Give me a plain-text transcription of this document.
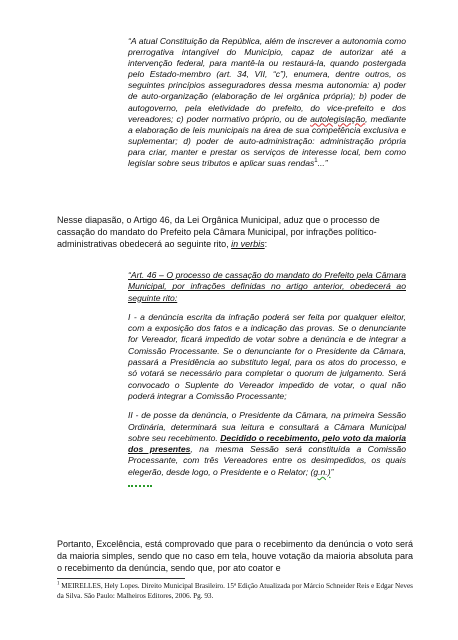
“A atual Constituição da República, além de inscrever a autonomia como prerrogativa intangível do Município, capaz de autorizar até a intervenção federal, para mantê-la ou restaurá-la, quando postergada pelo Estado-membro (art. 34, VII, “c”), enumera, dentre outros, os seguintes princípios asseguradores dessa mesma autonomia: a) poder de auto-organização (elaboração de lei orgânica própria); b) poder de autogoverno, pela eletividade do prefeito, do vice-prefeito e dos vereadores; c) poder normativo próprio, ou de autolegislação, mediante a elaboração de leis municipais na área de sua competência exclusiva e suplementar; d) poder de auto-administração: administração própria para criar, manter e prestar os serviços de interesse local, bem como legislar sobre seus tributos e aplicar suas rendas$^1$...”
Nesse diapasão, o Artigo 46, da Lei Orgânica Municipal, aduz que o processo de cassação do mandato do Prefeito pela Câmara Municipal, por infrações político-administrativas obedecerá ao seguinte rito, in verbis:

“Art. 46 – O processo de cassação do mandato do Prefeito pela Câmara Municipal, por infrações definidas no artigo anterior, obedecerá ao seguinte rito:

I - a denúncia escrita da infração poderá ser feita por qualquer eleitor, com a exposição dos fatos e a indicação das provas. Se o denunciante for Vereador, ficará impedido de votar sobre a denúncia e de integrar a Comissão Processante. Se o denunciante for o Presidente da Câmara, passará a Presidência ao substituto legal, para os atos do processo, e só votará se necessário para completar o quorum de julgamento. Será convocado o Suplente do Vereador impedido de votar, o qual não poderá integrar a Comissão Processante;

II - de posse da denúncia, o Presidente da Câmara, na primeira Sessão Ordinária, determinará sua leitura e consultará a Câmara Municipal sobre seu recebimento. Decidido o recebimento, pelo voto da maioria dos presentes, na mesma Sessão será constituída a Comissão Processante, com três Vereadores entre os desimpedidos, os quais elegerão, desde logo, o Presidente e o Relator; (g.n.)”

Portanto, Excelência, está comprovado que para o recebimento da denúncia o voto será da maioria simples, sendo que no caso em tela, houve votação da maioria absoluta para o recebimento da denúncia, sendo que, por ato coator e
$^1$ MEIRELLES, Hely Lopes. Direito Municipal Brasileiro. 15ª Edição Atualizada por Márcio Schneider Reis e Edgar Neves da Silva. São Paulo: Malheiros Editores, 2006. Pg. 93.
